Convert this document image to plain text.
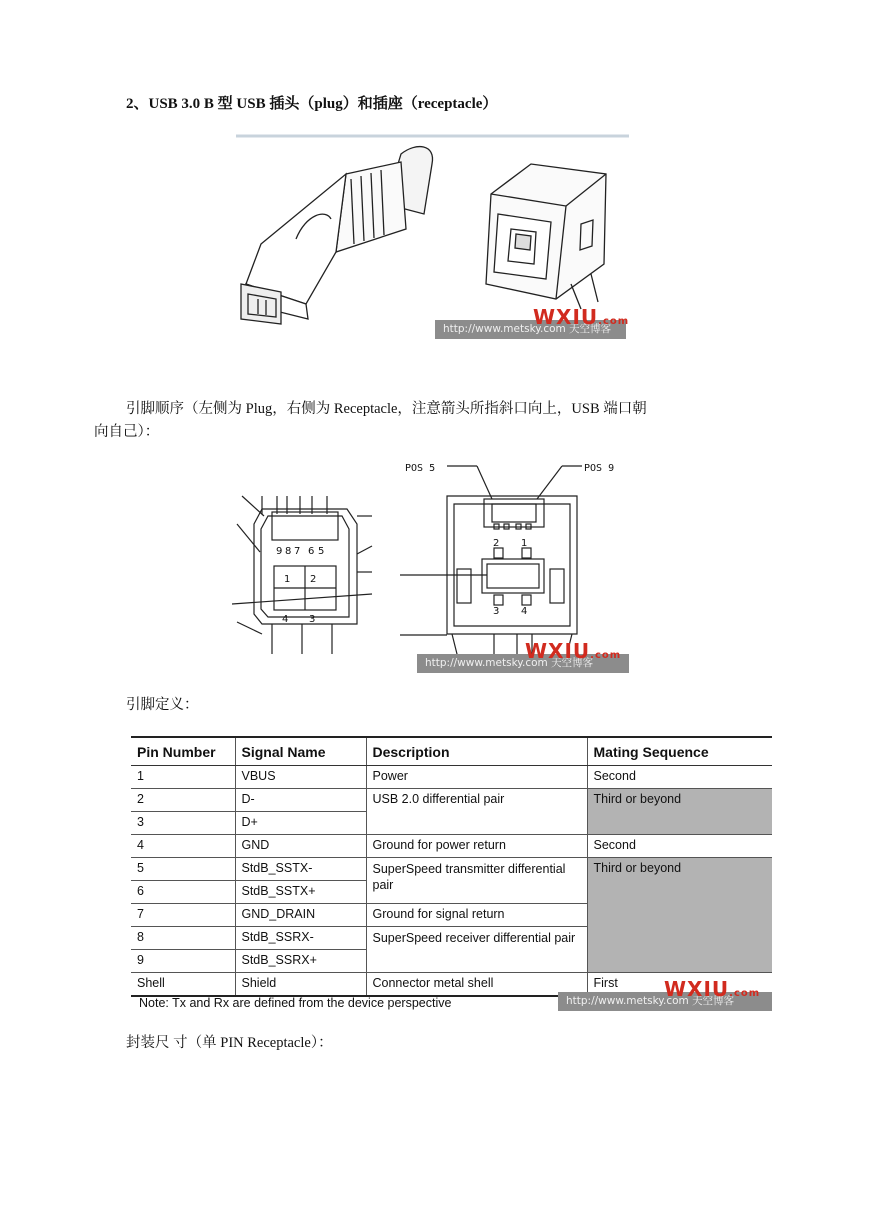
2、USB 3.0 B 型 USB 插头（plug）和插座（receptacle）
http://www.metsky.com 天空博客
WXIU.com
引脚顺序（左侧为 Plug，右侧为 Receptacle，注意箭头所指斜口向上，USB 端口朝
向自己）：
POS 5	POS 9
9 8 7 6 5
1 2
4 3
2 1
3 4
http://www.metsky.com 天空博客
WXIU.com
引脚定义：
Pin Number	Signal Name	Description	Mating Sequence
1	VBUS	Power	Second
2	D-	USB 2.0 differential pair	Third or beyond
3	D+		
4	GND	Ground for power return	Second
5	StdB_SSTX-	SuperSpeed transmitter differential pair	Third or beyond
6	StdB_SSTX+		
7	GND_DRAIN	Ground for signal return	
8	StdB_SSRX-	SuperSpeed receiver differential pair	
9	StdB_SSRX+		
Shell	Shield	Connector metal shell	First
Note: Tx and Rx are defined from the device perspective	http://www.metsky.com 天空博客
WXIU.com
封装尺 寸（单 PIN Receptacle）：
